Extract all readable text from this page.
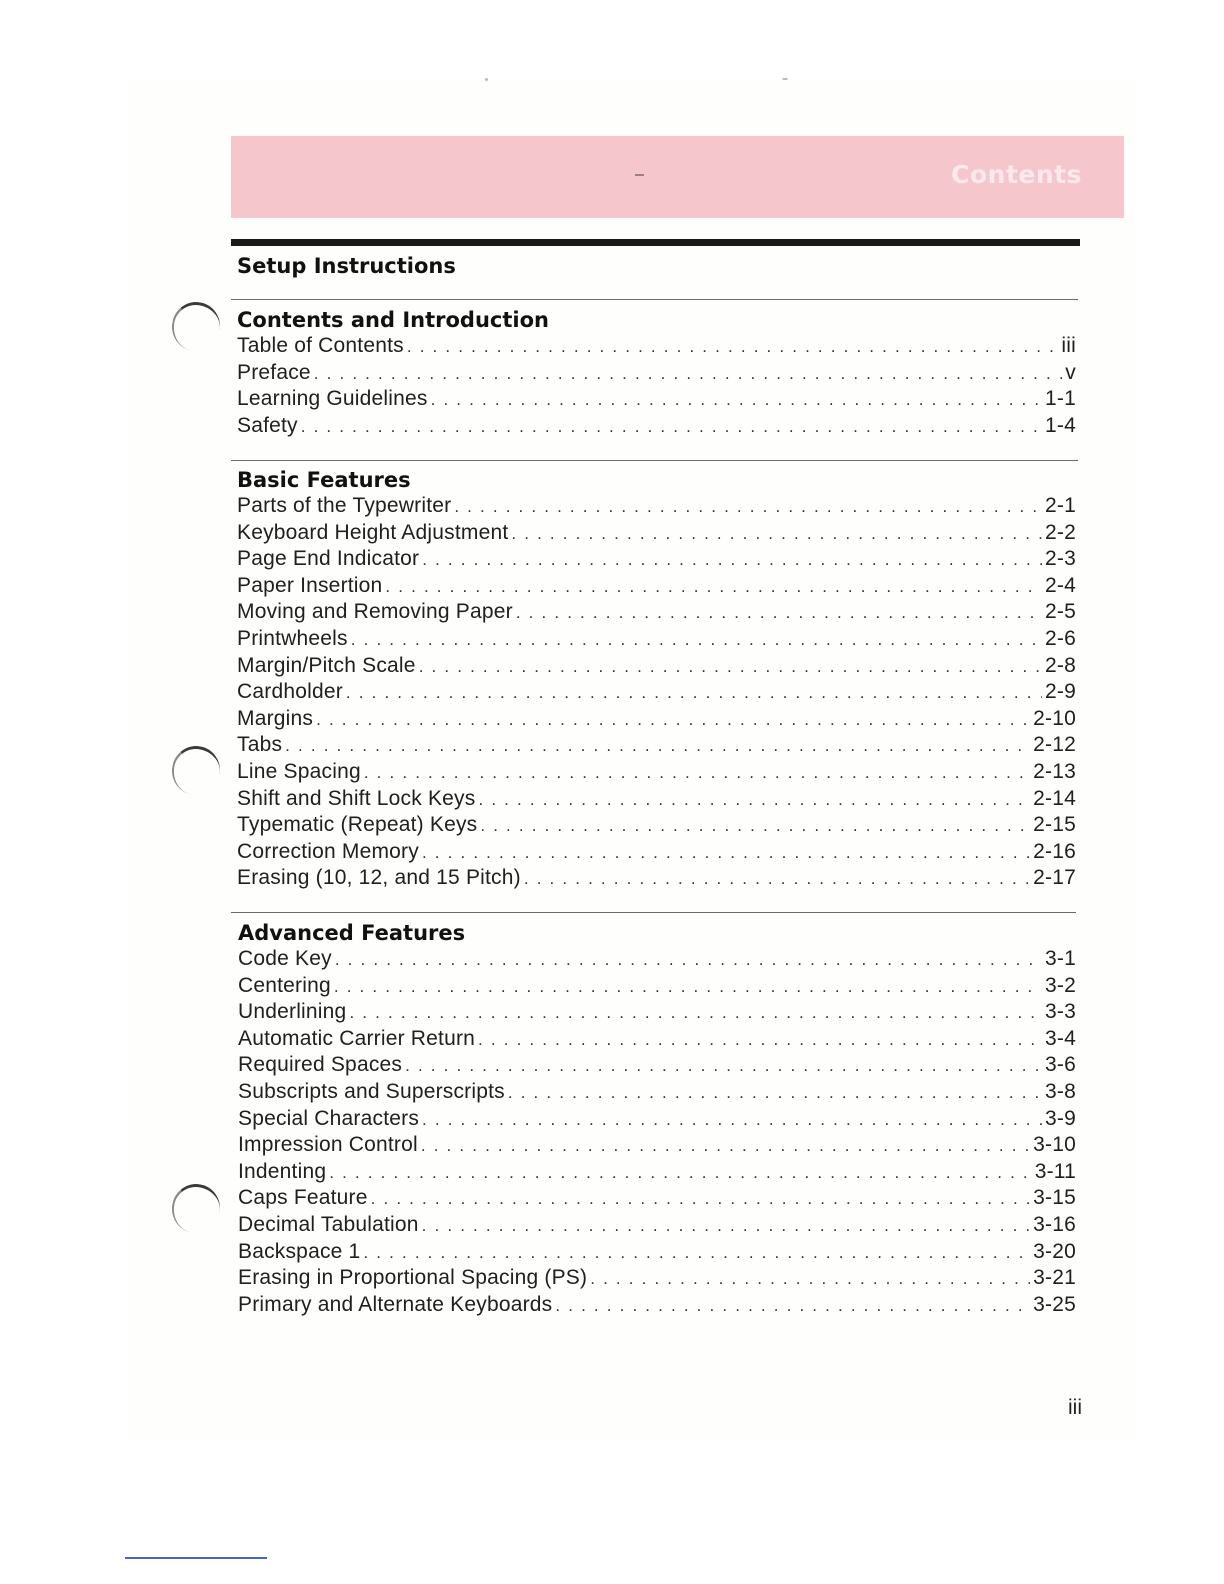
Contents
Setup Instructions
Contents and Introduction
Table of Contents . . .	iii
Preface . . .	v
Learning Guidelines . . .	1-1
Safety . . .	1-4
Basic Features
Parts of the Typewriter . . .	2-1
Keyboard Height Adjustment . . .	2-2
Page End Indicator . . .	2-3
Paper Insertion . . .	2-4
Moving and Removing Paper . . .	2-5
Printwheels . . .	2-6
Margin/Pitch Scale . . .	2-8
Cardholder . . .	2-9
Margins . . .	2-10
Tabs . . .	2-12
Line Spacing . . .	2-13
Shift and Shift Lock Keys . . .	2-14
Typematic (Repeat) Keys . . .	2-15
Correction Memory . . .	2-16
Erasing (10, 12, and 15 Pitch) . . .	2-17
Advanced Features
Code Key . . .	3-1
Centering . . .	3-2
Underlining . . .	3-3
Automatic Carrier Return . . .	3-4
Required Spaces . . .	3-6
Subscripts and Superscripts . . .	3-8
Special Characters . . .	3-9
Impression Control . . .	3-10
Indenting . . .	3-11
Caps Feature . . .	3-15
Decimal Tabulation . . .	3-16
Backspace 1 . . .	3-20
Erasing in Proportional Spacing (PS) . . .	3-21
Primary and Alternate Keyboards . . .	3-25
iii
